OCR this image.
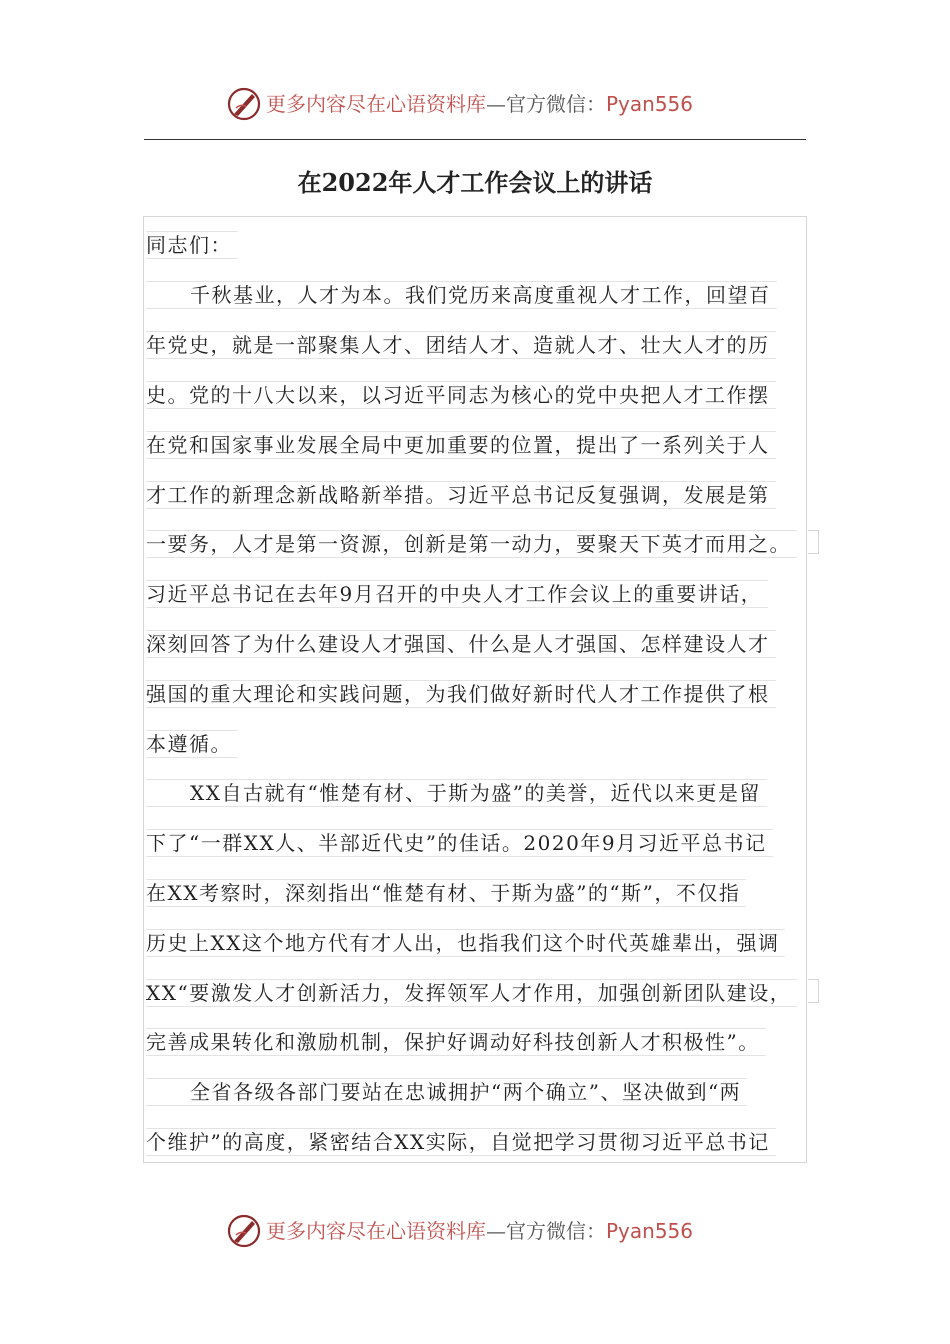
更多内容尽在心语资料库—官方微信：Pyan556
在2022年人才工作会议上的讲话
同志们：
千秋基业，人才为本。我们党历来高度重视人才工作，回望百
年党史，就是一部聚集人才、团结人才、造就人才、壮大人才的历
史。党的十八大以来，以习近平同志为核心的党中央把人才工作摆
在党和国家事业发展全局中更加重要的位置，提出了一系列关于人
才工作的新理念新战略新举措。习近平总书记反复强调，发展是第
一要务，人才是第一资源，创新是第一动力，要聚天下英才而用之。
习近平总书记在去年9月召开的中央人才工作会议上的重要讲话，
深刻回答了为什么建设人才强国、什么是人才强国、怎样建设人才
强国的重大理论和实践问题，为我们做好新时代人才工作提供了根
本遵循。
XX自古就有“惟楚有材、于斯为盛”的美誉，近代以来更是留
下了“一群XX人、半部近代史”的佳话。2020年9月习近平总书记
在XX考察时，深刻指出“惟楚有材、于斯为盛”的“斯”，不仅指
历史上XX这个地方代有才人出，也指我们这个时代英雄辈出，强调
XX“要激发人才创新活力，发挥领军人才作用，加强创新团队建设，
完善成果转化和激励机制，保护好调动好科技创新人才积极性”。
全省各级各部门要站在忠诚拥护“两个确立”、坚决做到“两
个维护”的高度，紧密结合XX实际，自觉把学习贯彻习近平总书记
更多内容尽在心语资料库—官方微信：Pyan556
